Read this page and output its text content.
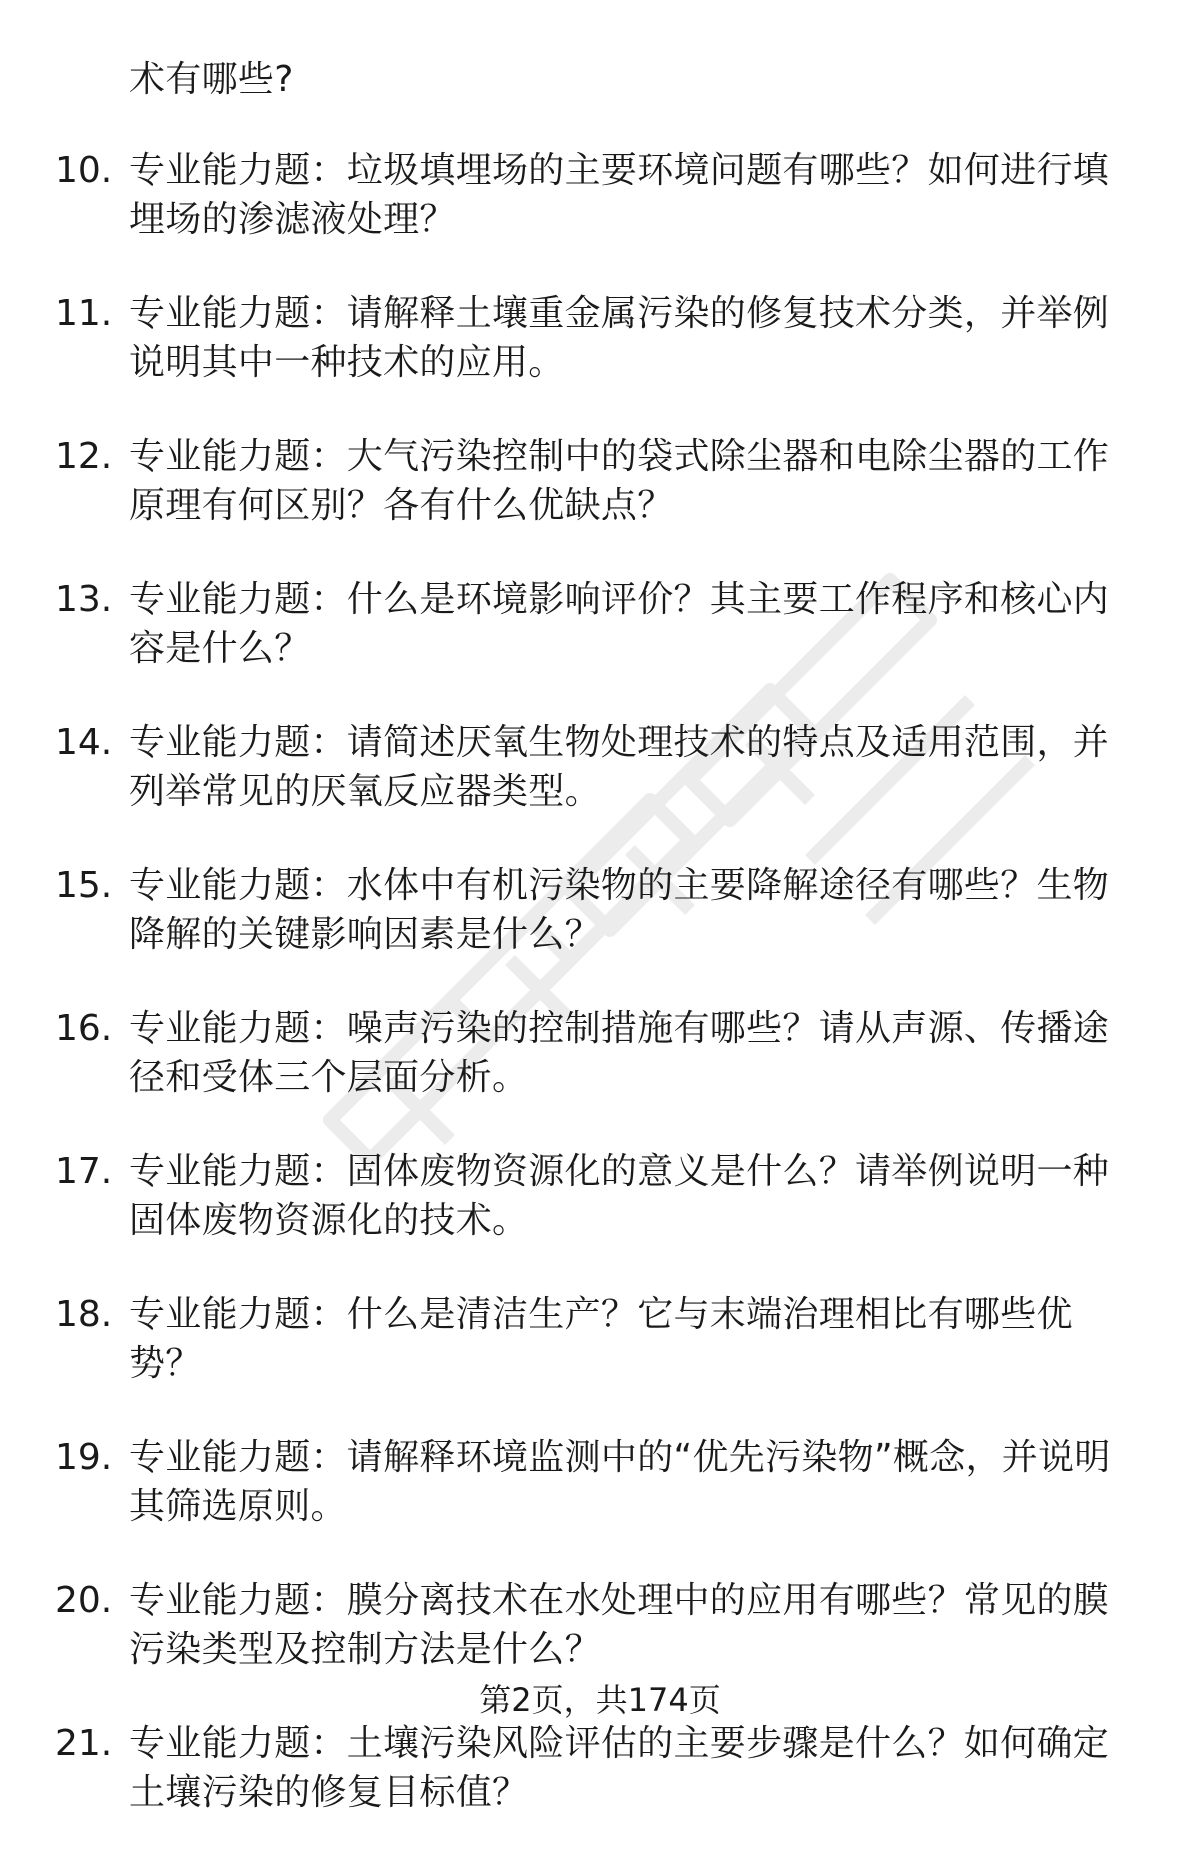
术有哪些?
10. 专业能力题：垃圾填埋场的主要环境问题有哪些？如何进行填埋场的渗滤液处理？
11. 专业能力题：请解释土壤重金属污染的修复技术分类，并举例说明其中一种技术的应用。
12. 专业能力题：大气污染控制中的袋式除尘器和电除尘器的工作原理有何区别？各有什么优缺点？
13. 专业能力题：什么是环境影响评价？其主要工作程序和核心内容是什么？
14. 专业能力题：请简述厌氧生物处理技术的特点及适用范围，并列举常见的厌氧反应器类型。
15. 专业能力题：水体中有机污染物的主要降解途径有哪些？生物降解的关键影响因素是什么？
16. 专业能力题：噪声污染的控制措施有哪些？请从声源、传播途径和受体三个层面分析。
17. 专业能力题：固体废物资源化的意义是什么？请举例说明一种固体废物资源化的技术。
18. 专业能力题：什么是清洁生产？它与末端治理相比有哪些优势？
19. 专业能力题：请解释环境监测中的“优先污染物”概念，并说明其筛选原则。
20. 专业能力题：膜分离技术在水处理中的应用有哪些？常见的膜污染类型及控制方法是什么？
21. 专业能力题：土壤污染风险评估的主要步骤是什么？如何确定土壤污染的修复目标值？
第2页，共174页
